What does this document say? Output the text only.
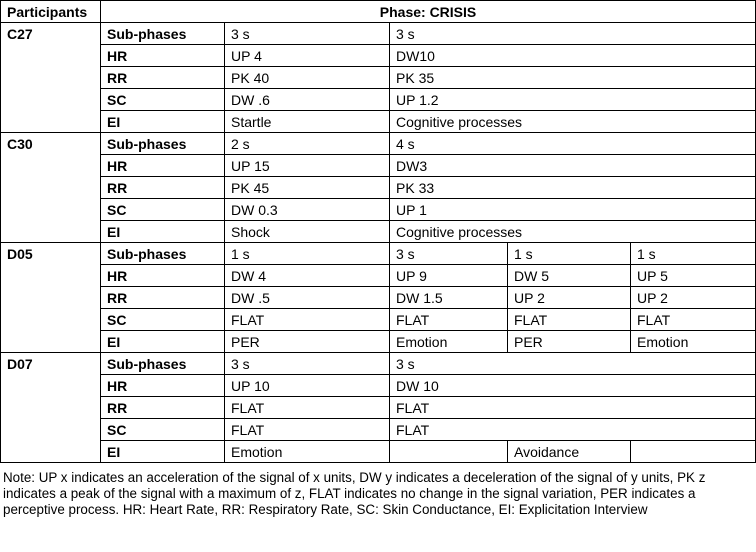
Participants	Phase: CRISIS				
C27	Sub-phases	3 s	3 s		
	HR	UP 4	DW10		
	RR	PK 40	PK 35		
	SC	DW .6	UP 1.2		
	EI	Startle	Cognitive processes		
C30	Sub-phases	2 s	4 s		
	HR	UP 15	DW3		
	RR	PK 45	PK 33		
	SC	DW 0.3	UP 1		
	EI	Shock	Cognitive processes		
D05	Sub-phases	1 s	3 s	1 s	1 s
	HR	DW 4	UP 9	DW 5	UP 5
	RR	DW .5	DW 1.5	UP 2	UP 2
	SC	FLAT	FLAT	FLAT	FLAT
	EI	PER	Emotion	PER	Emotion
D07	Sub-phases	3 s	3 s		
	HR	UP 10	DW 10		
	RR	FLAT	FLAT		
	SC	FLAT	FLAT		
	EI	Emotion		Avoidance	

Note: UP x indicates an acceleration of the signal of x units, DW y indicates a deceleration of the signal of y units, PK z indicates a peak of the signal with a maximum of z, FLAT indicates no change in the signal variation, PER indicates a perceptive process. HR: Heart Rate, RR: Respiratory Rate, SC: Skin Conductance, EI: Explicitation Interview
